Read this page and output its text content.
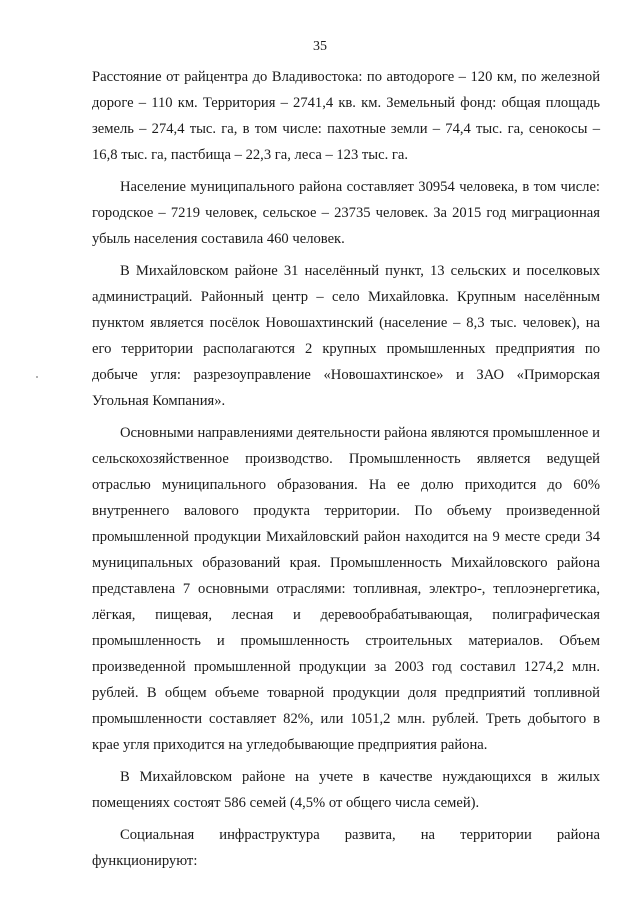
35

Расстояние от райцентра до Владивостока: по автодороге – 120 км, по железной дороге – 110 км. Территория – 2741,4 кв. км. Земельный фонд: общая площадь земель – 274,4 тыс. га, в том числе: пахотные земли – 74,4 тыс. га, сенокосы – 16,8 тыс. га, пастбища – 22,3 га, леса – 123 тыс. га.

Население муниципального района составляет 30954 человека, в том числе: городское – 7219 человек, сельское – 23735 человек. За 2015 год миграционная убыль населения составила 460 человек.

В Михайловском районе 31 населённый пункт, 13 сельских и поселковых администраций. Районный центр – село Михайловка. Крупным населённым пунктом является посёлок Новошахтинский (население – 8,3 тыс. человек), на его территории располагаются 2 крупных промышленных предприятия по добыче угля: разрезоуправление «Новошахтинское» и ЗАО «Приморская Угольная Компания».

Основными направлениями деятельности района являются промышленное и сельскохозяйственное производство. Промышленность является ведущей отраслью муниципального образования. На ее долю приходится до 60% внутреннего валового продукта территории. По объему произведенной промышленной продукции Михайловский район находится на 9 месте среди 34 муниципальных образований края. Промышленность Михайловского района представлена 7 основными отраслями: топливная, электро-, теплоэнергетика, лёгкая, пищевая, лесная и деревообрабатывающая, полиграфическая промышленность и промышленность строительных материалов. Объем произведенной промышленной продукции за 2003 год составил 1274,2 млн. рублей. В общем объеме товарной продукции доля предприятий топливной промышленности составляет 82%, или 1051,2 млн. рублей. Треть добытого в крае угля приходится на угледобывающие предприятия района.

В Михайловском районе на учете в качестве нуждающихся в жилых помещениях состоят 586 семей (4,5% от общего числа семей).

Социальная инфраструктура развита, на территории района функционируют:
